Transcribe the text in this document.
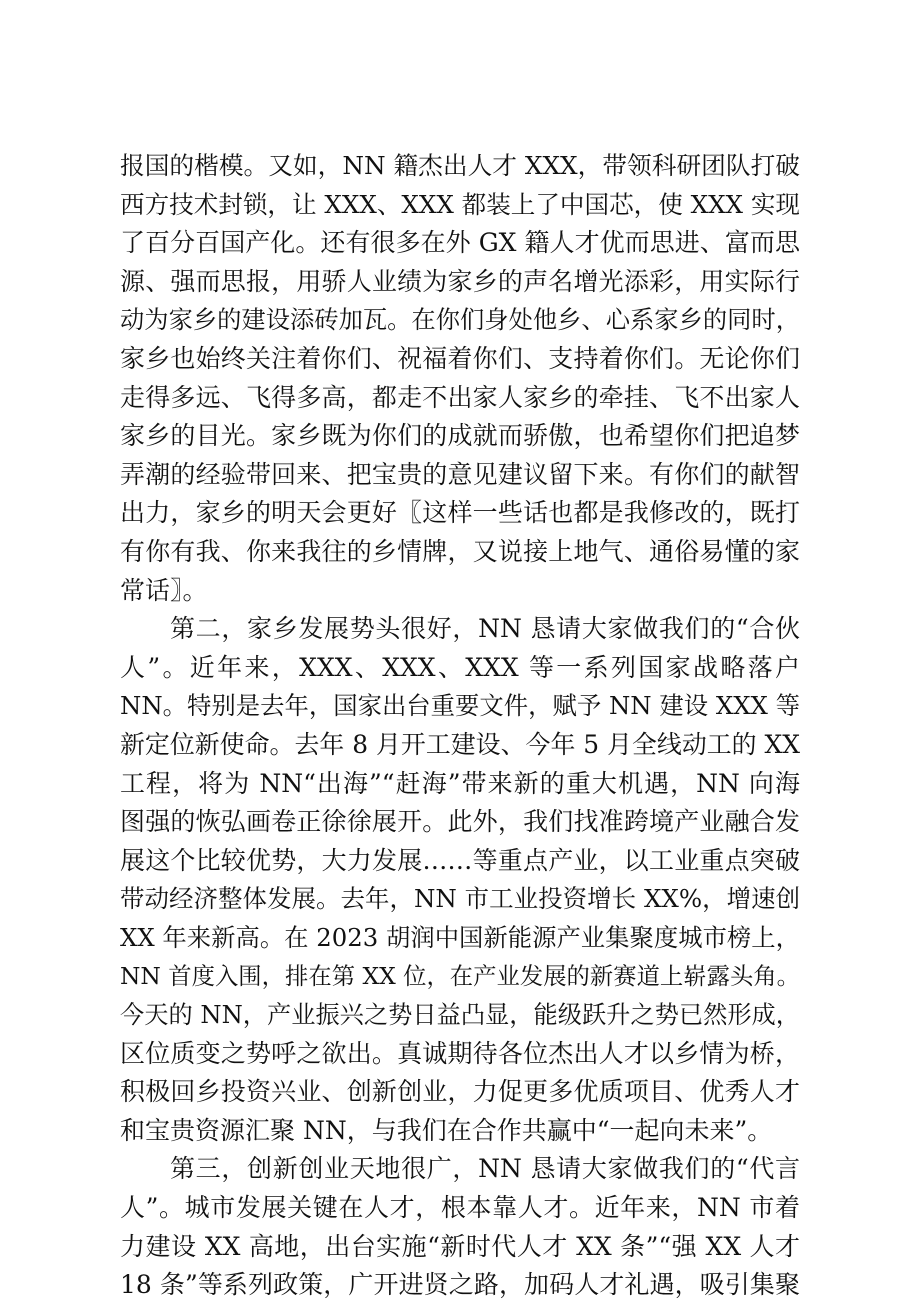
报国的楷模。又如，NN 籍杰出人才 XXX，带领科研团队打破
西方技术封锁，让 XXX、XXX 都装上了中国芯，使 XXX 实现
了百分百国产化。还有很多在外 GX 籍人才优而思进、富而思
源、强而思报，用骄人业绩为家乡的声名增光添彩，用实际行
动为家乡的建设添砖加瓦。在你们身处他乡、心系家乡的同时，
家乡也始终关注着你们、祝福着你们、支持着你们。无论你们
走得多远、飞得多高，都走不出家人家乡的牵挂、飞不出家人
家乡的目光。家乡既为你们的成就而骄傲，也希望你们把追梦
弄潮的经验带回来、把宝贵的意见建议留下来。有你们的献智
出力，家乡的明天会更好〖这样一些话也都是我修改的，既打
有你有我、你来我往的乡情牌，又说接上地气、通俗易懂的家
常话〗。
第二，家乡发展势头很好，NN 恳请大家做我们的“合伙
人”。近年来，XXX、XXX、XXX 等一系列国家战略落户
NN。特别是去年，国家出台重要文件，赋予 NN 建设 XXX 等
新定位新使命。去年 8 月开工建设、今年 5 月全线动工的 XX
工程，将为 NN“出海”“赶海”带来新的重大机遇，NN 向海
图强的恢弘画卷正徐徐展开。此外，我们找准跨境产业融合发
展这个比较优势，大力发展……等重点产业，以工业重点突破
带动经济整体发展。去年，NN 市工业投资增长 XX%，增速创
XX 年来新高。在 2023 胡润中国新能源产业集聚度城市榜上，
NN 首度入围，排在第 XX 位，在产业发展的新赛道上崭露头角。
今天的 NN，产业振兴之势日益凸显，能级跃升之势已然形成，
区位质变之势呼之欲出。真诚期待各位杰出人才以乡情为桥，
积极回乡投资兴业、创新创业，力促更多优质项目、优秀人才
和宝贵资源汇聚 NN，与我们在合作共赢中“一起向未来”。
第三，创新创业天地很广，NN 恳请大家做我们的“代言
人”。城市发展关键在人才，根本靠人才。近年来，NN 市着
力建设 XX 高地，出台实施“新时代人才 XX 条”“强 XX 人才
18 条”等系列政策，广开进贤之路，加码人才礼遇，吸引集聚
